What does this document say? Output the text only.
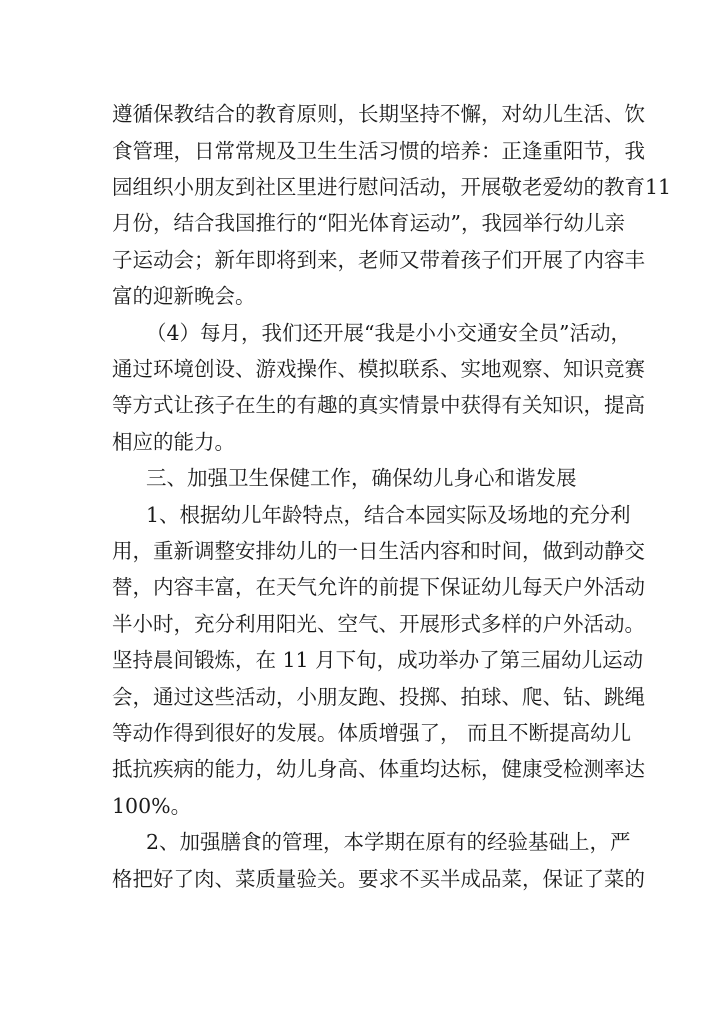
遵循保教结合的教育原则，长期坚持不懈，对幼儿生活、饮
食管理，日常常规及卫生生活习惯的培养：正逢重阳节，我
园组织小朋友到社区里进行慰问活动，开展敬老爱幼的教育11
月份，结合我国推行的“阳光体育运动”，我园举行幼儿亲
子运动会；新年即将到来，老师又带着孩子们开展了内容丰
富的迎新晚会。
（4）每月，我们还开展“我是小小交通安全员”活动，
通过环境创设、游戏操作、模拟联系、实地观察、知识竞赛
等方式让孩子在生的有趣的真实情景中获得有关知识，提高
相应的能力。
三、加强卫生保健工作，确保幼儿身心和谐发展
1、根据幼儿年龄特点，结合本园实际及场地的充分利
用，重新调整安排幼儿的一日生活内容和时间，做到动静交
替，内容丰富，在天气允许的前提下保证幼儿每天户外活动
半小时，充分利用阳光、空气、开展形式多样的户外活动。
坚持晨间锻炼，在 11 月下旬，成功举办了第三届幼儿运动
会，通过这些活动，小朋友跑、投掷、拍球、爬、钻、跳绳
等动作得到很好的发展。体质增强了， 而且不断提高幼儿
抵抗疾病的能力，幼儿身高、体重均达标，健康受检测率达
100%。
2、加强膳食的管理，本学期在原有的经验基础上，严
格把好了肉、菜质量验关。要求不买半成品菜，保证了菜的
